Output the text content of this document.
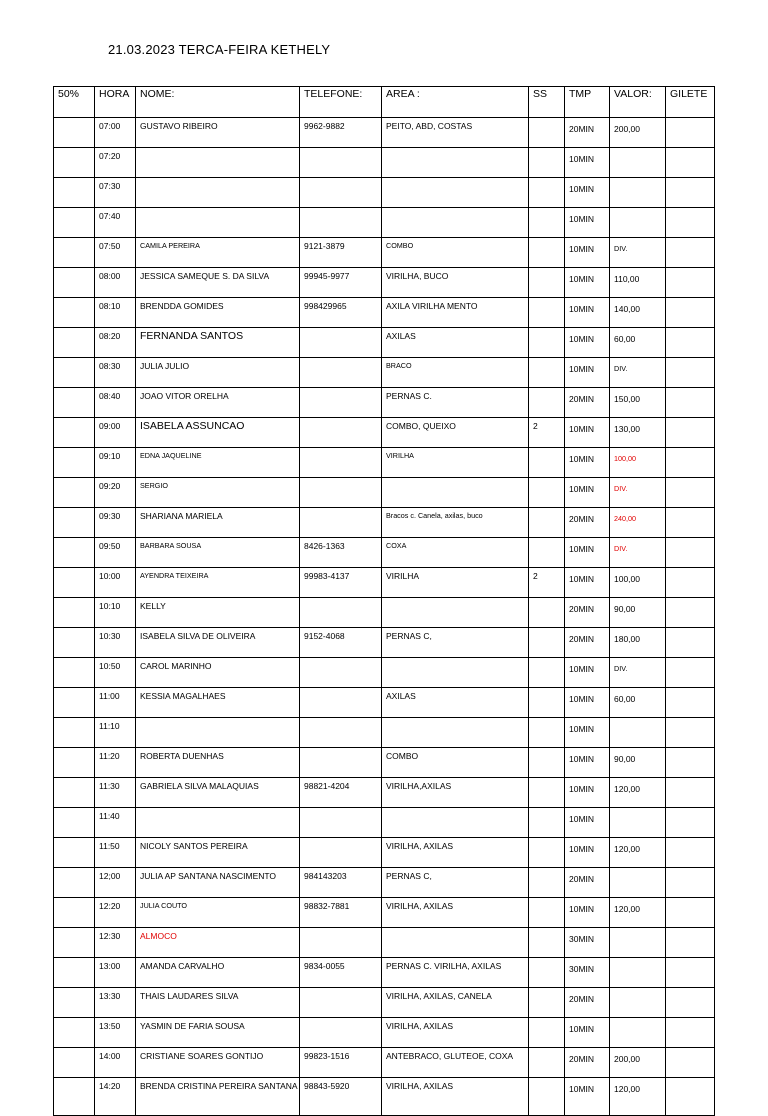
21.03.2023 TERCA-FEIRA KETHELY
50%	HORA	NOME:	TELEFONE:	AREA :	SS	TMP	VALOR:	GILETE
	07:00	GUSTAVO RIBEIRO	9962-9882	PEITO, ABD, COSTAS		20MIN	200,00	
	07:20					10MIN		
	07:30					10MIN		
	07:40					10MIN		
	07:50	CAMILA PEREIRA	9121-3879	COMBO		10MIN	DIV.	
	08:00	JESSICA SAMEQUE S. DA SILVA	99945-9977	VIRILHA, BUCO		10MIN	110,00	
	08:10	BRENDDA GOMIDES	998429965	AXILA VIRILHA MENTO		10MIN	140,00	
	08:20	FERNANDA SANTOS		AXILAS		10MIN	60,00	
	08:30	JULIA JULIO		BRACO		10MIN	DIV.	
	08:40	JOAO VITOR ORELHA		PERNAS C.		20MIN	150,00	
	09:00	ISABELA ASSUNCAO		COMBO, QUEIXO	2	10MIN	130,00	
	09:10	EDNA JAQUELINE		VIRILHA		10MIN	100,00	
	09:20	SERGIO				10MIN	DIV.	
	09:30	SHARIANA MARIELA		Bracos c. Canela, axilas, buco		20MIN	240,00	
	09:50	BARBARA SOUSA	8426-1363	COXA		10MIN	DIV.	
	10:00	AYENDRA TEIXEIRA	99983-4137	VIRILHA	2	10MIN	100,00	
	10:10	KELLY				20MIN	90,00	
	10:30	ISABELA SILVA DE OLIVEIRA	9152-4068	PERNAS C,		20MIN	180,00	
	10:50	CAROL MARINHO				10MIN	DIV.	
	11:00	KESSIA MAGALHAES		AXILAS		10MIN	60,00	
	11:10					10MIN		
	11:20	ROBERTA DUENHAS		COMBO		10MIN	90,00	
	11:30	GABRIELA SILVA MALAQUIAS	98821-4204	VIRILHA,AXILAS		10MIN	120,00	
	11:40					10MIN		
	11:50	NICOLY SANTOS PEREIRA		VIRILHA, AXILAS		10MIN	120,00	
	12;00	JULIA AP SANTANA NASCIMENTO	984143203	PERNAS C,		20MIN		
	12:20	JULIA COUTO	98832-7881	VIRILHA, AXILAS		10MIN	120,00	
	12:30	ALMOCO				30MIN		
	13:00	AMANDA CARVALHO	9834-0055	PERNAS C. VIRILHA, AXILAS		30MIN		
	13:30	THAIS LAUDARES SILVA		VIRILHA, AXILAS, CANELA		20MIN		
	13:50	YASMIN DE FARIA SOUSA		VIRILHA, AXILAS		10MIN		
	14:00	CRISTIANE SOARES GONTIJO	99823-1516	ANTEBRACO, GLUTEOE, COXA		20MIN	200,00	
	14:20	BRENDA CRISTINA PEREIRA SANTANA	98843-5920	VIRILHA, AXILAS		10MIN	120,00	
